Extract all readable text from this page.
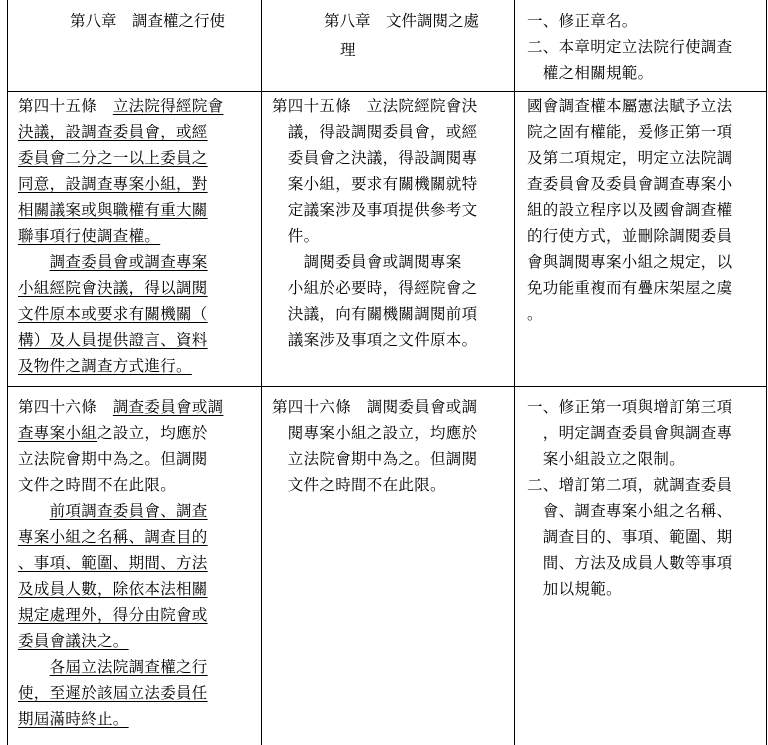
第八章　調查權之行使	第八章　文件調閱之處
理
一、修正章名。
二、本章明定立法院行使調查
　權之相關規範。
第四十五條　立法院得經院會
決議，設調查委員會，或經
委員會二分之一以上委員之
同意，設調查專案小組，對
相關議案或與職權有重大關
聯事項行使調查權。
　　調查委員會或調查專案
小組經院會決議，得以調閱
文件原本或要求有關機關（
構）及人員提供證言、資料
及物件之調查方式進行。
第四十五條　立法院經院會決
　議，得設調閱委員會，或經
　委員會之決議，得設調閱專
　案小組，要求有關機關就特
　定議案涉及事項提供參考文
　件。
　　調閱委員會或調閱專案
　小組於必要時，得經院會之
　決議，向有關機關調閱前項
　議案涉及事項之文件原本。
國會調查權本屬憲法賦予立法
院之固有權能，爰修正第一項
及第二項規定，明定立法院調
查委員會及委員會調查專案小
組的設立程序以及國會調查權
的行使方式，並刪除調閱委員
會與調閱專案小組之規定，以
免功能重複而有疊床架屋之虞
。
第四十六條　調查委員會或調
查專案小組之設立，均應於
立法院會期中為之。但調閱
文件之時間不在此限。
　　前項調查委員會、調查
專案小組之名稱、調查目的
、事項、範圍、期間、方法
及成員人數，除依本法相關
規定處理外，得分由院會或
委員會議決之。
　　各屆立法院調查權之行
使，至遲於該屆立法委員任
期屆滿時終止。
第四十六條　調閱委員會或調
　閱專案小組之設立，均應於
　立法院會期中為之。但調閱
　文件之時間不在此限。
一、修正第一項與增訂第三項
　，明定調查委員會與調查專
　案小組設立之限制。
二、增訂第二項，就調查委員
　會、調查專案小組之名稱、
　調查目的、事項、範圍、期
　間、方法及成員人數等事項
　加以規範。
